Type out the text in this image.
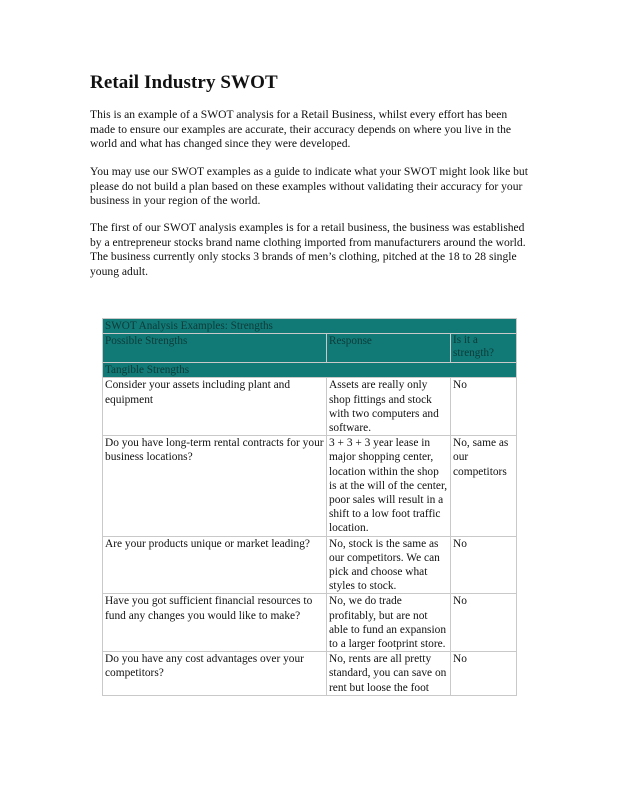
Retail Industry SWOT

This is an example of a SWOT analysis for a Retail Business, whilst every effort has been made to ensure our examples are accurate, their accuracy depends on where you live in the world and what has changed since they were developed.

You may use our SWOT examples as a guide to indicate what your SWOT might look like but please do not build a plan based on these examples without validating their accuracy for your business in your region of the world.

The first of our SWOT analysis examples is for a retail business, the business was established by a entrepreneur stocks brand name clothing imported from manufacturers around the world. The business currently only stocks 3 brands of men’s clothing, pitched at the 18 to 28 single young adult.

SWOT Analysis Examples: Strengths		
Possible Strengths	Response	Is it a strength?
Tangible Strengths		
Consider your assets including plant and equipment	Assets are really only shop fittings and stock with two computers and software.	No
Do you have long-term rental contracts for your business locations?	3 + 3 + 3 year lease in major shopping center, location within the shop is at the will of the center, poor sales will result in a shift to a low foot traffic location.	No, same as our competitors
Are your products unique or market leading?	No, stock is the same as our competitors. We can pick and choose what styles to stock.	No
Have you got sufficient financial resources to fund any changes you would like to make?	No, we do trade profitably, but are not able to fund an expansion to a larger footprint store.	No
Do you have any cost advantages over your competitors?	No, rents are all pretty standard, you can save on rent but loose the foot	No
